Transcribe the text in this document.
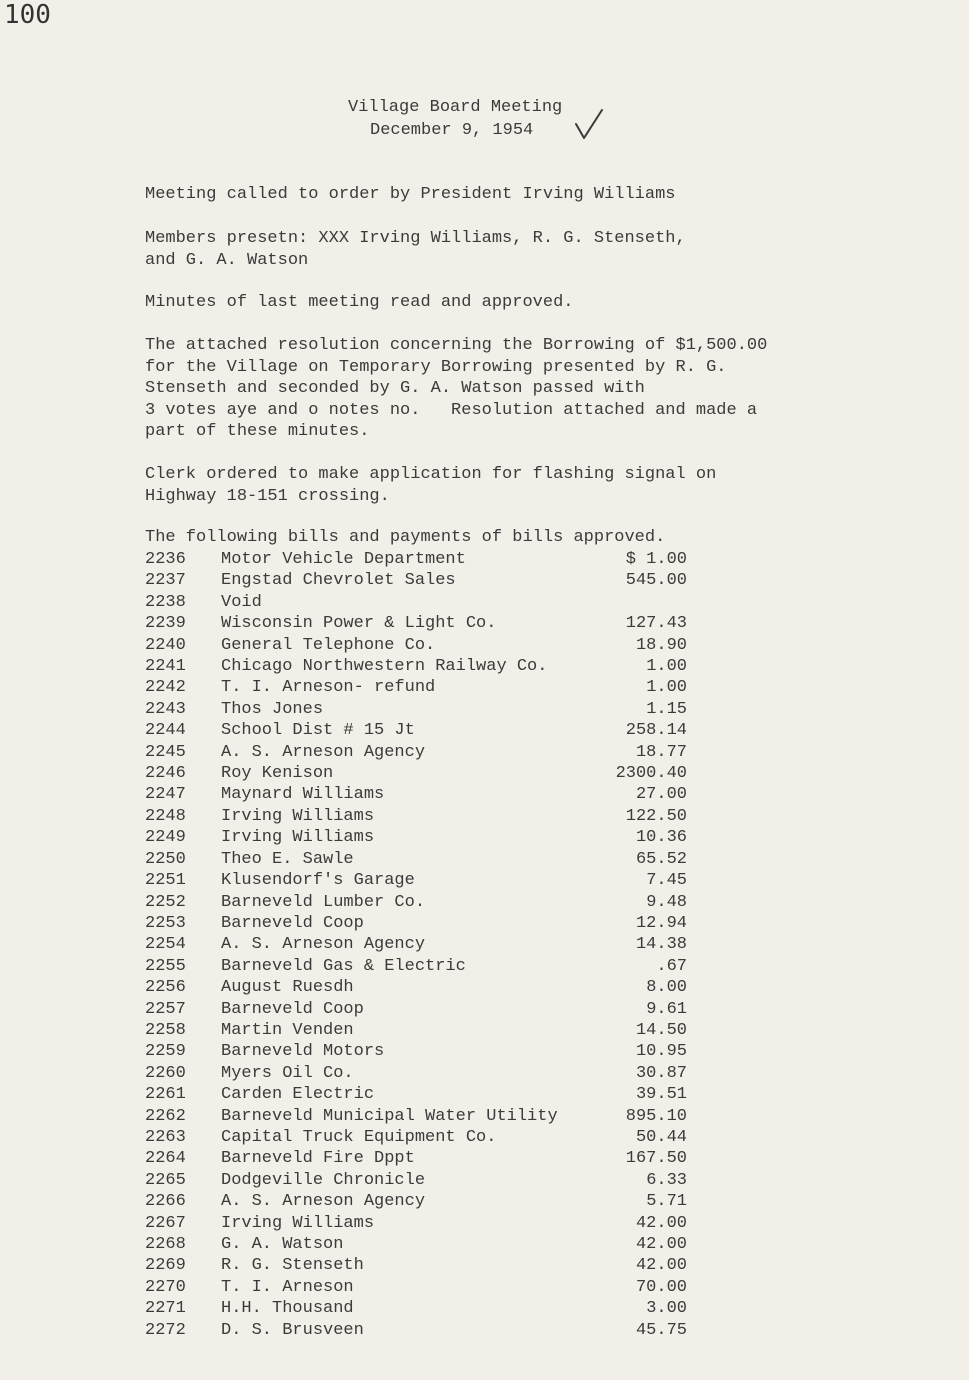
100
Village Board Meeting
December 9, 1954
Meeting called to order by President Irving Williams
Members presetn: XXX Irving Williams, R. G. Stenseth,
and G. A. Watson
Minutes of last meeting read and approved.
The attached resolution concerning the Borrowing of $1,500.00
for the Village on Temporary Borrowing presented by R. G.
Stenseth and seconded by G. A. Watson passed with
3 votes aye and o notes no.   Resolution attached and made a
part of these minutes.
Clerk ordered to make application for flashing signal on
Highway 18-151 crossing.
The following bills and payments of bills approved.
2236	Motor Vehicle Department	$ 1.00
2237	Engstad Chevrolet Sales	545.00
2238	Void
2239	Wisconsin Power & Light Co.	127.43
2240	General Telephone Co.	18.90
2241	Chicago Northwestern Railway Co.	1.00
2242	T. I. Arneson- refund	1.00
2243	Thos Jones	1.15
2244	School Dist # 15 Jt	258.14
2245	A. S. Arneson Agency	18.77
2246	Roy Kenison	2300.40
2247	Maynard Williams	27.00
2248	Irving Williams	122.50
2249	Irving Williams	10.36
2250	Theo E. Sawle	65.52
2251	Klusendorf's Garage	7.45
2252	Barneveld Lumber Co.	9.48
2253	Barneveld Coop	12.94
2254	A. S. Arneson Agency	14.38
2255	Barneveld Gas & Electric	.67
2256	August Ruesdh	8.00
2257	Barneveld Coop	9.61
2258	Martin Venden	14.50
2259	Barneveld Motors	10.95
2260	Myers Oil Co.	30.87
2261	Carden Electric	39.51
2262	Barneveld Municipal Water Utility	895.10
2263	Capital Truck Equipment Co.	50.44
2264	Barneveld Fire Dppt	167.50
2265	Dodgeville Chronicle	6.33
2266	A. S. Arneson Agency	5.71
2267	Irving Williams	42.00
2268	G. A. Watson	42.00
2269	R. G. Stenseth	42.00
2270	T. I. Arneson	70.00
2271	H.H. Thousand	3.00
2272	D. S. Brusveen	45.75
